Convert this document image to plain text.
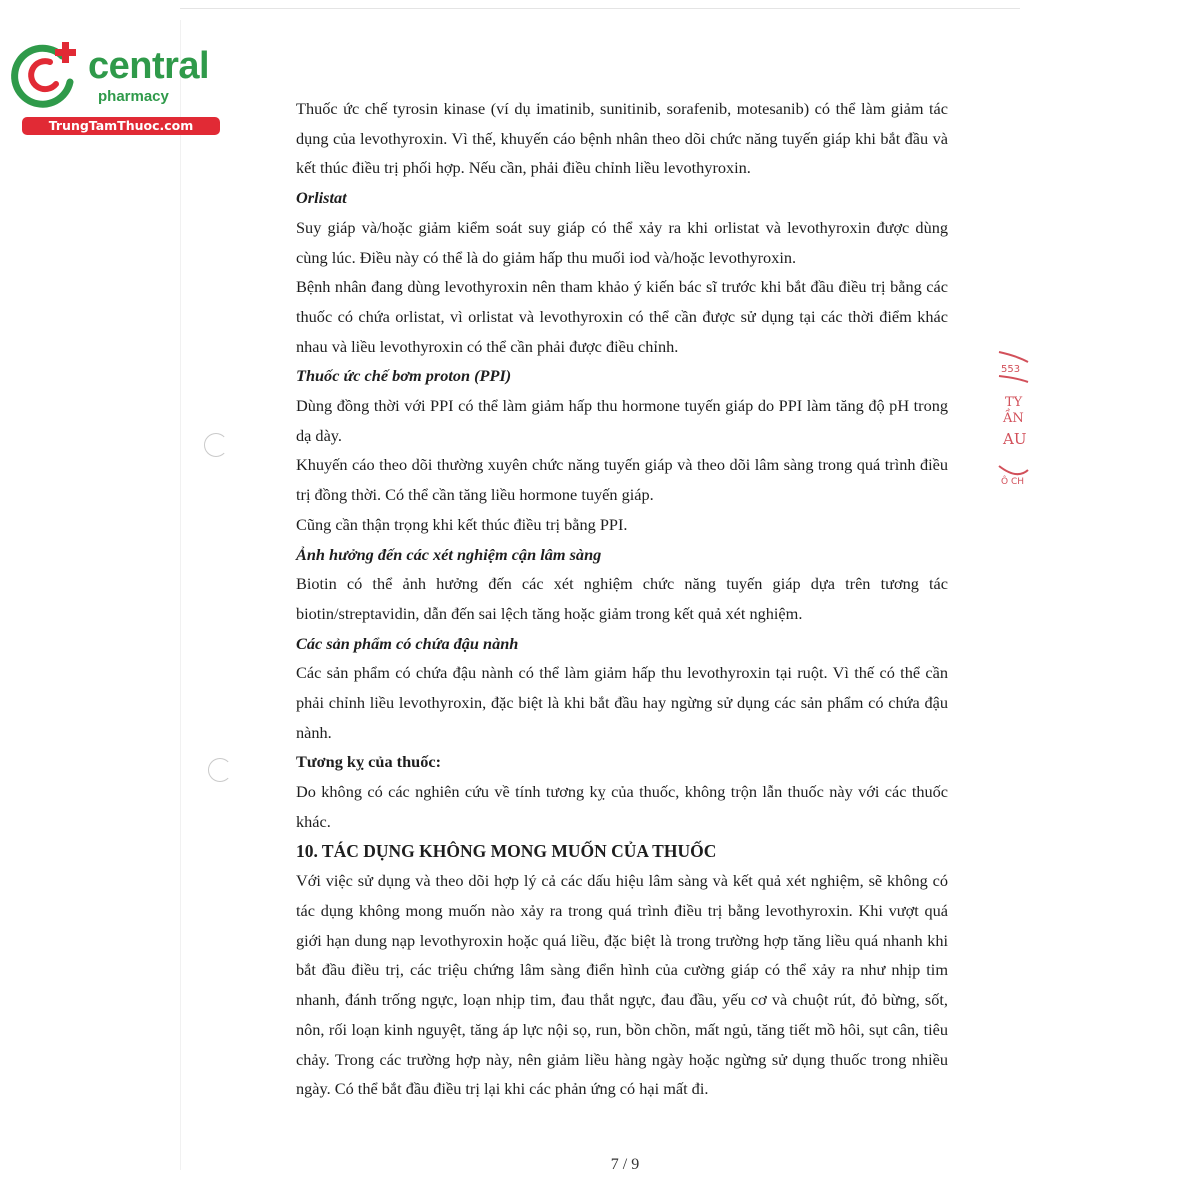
central
pharmacy
TrungTamThuoc.com

Thuốc ức chế tyrosin kinase (ví dụ imatinib, sunitinib, sorafenib, motesanib) có thể làm giảm tác dụng của levothyroxin. Vì thế, khuyến cáo bệnh nhân theo dõi chức năng tuyến giáp khi bắt đầu và kết thúc điều trị phối hợp. Nếu cần, phải điều chỉnh liều levothyroxin.

Orlistat

Suy giáp và/hoặc giảm kiểm soát suy giáp có thể xảy ra khi orlistat và levothyroxin được dùng cùng lúc. Điều này có thể là do giảm hấp thu muối iod và/hoặc levothyroxin.

Bệnh nhân đang dùng levothyroxin nên tham khảo ý kiến bác sĩ trước khi bắt đầu điều trị bằng các thuốc có chứa orlistat, vì orlistat và levothyroxin có thể cần được sử dụng tại các thời điểm khác nhau và liều levothyroxin có thể cần phải được điều chỉnh.

Thuốc ức chế bơm proton (PPI)

Dùng đồng thời với PPI có thể làm giảm hấp thu hormone tuyến giáp do PPI làm tăng độ pH trong dạ dày.

Khuyến cáo theo dõi thường xuyên chức năng tuyến giáp và theo dõi lâm sàng trong quá trình điều trị đồng thời. Có thể cần tăng liều hormone tuyến giáp.

Cũng cần thận trọng khi kết thúc điều trị bằng PPI.

Ảnh hưởng đến các xét nghiệm cận lâm sàng

Biotin có thể ảnh hưởng đến các xét nghiệm chức năng tuyến giáp dựa trên tương tác biotin/streptavidin, dẫn đến sai lệch tăng hoặc giảm trong kết quả xét nghiệm.

Các sản phẩm có chứa đậu nành

Các sản phẩm có chứa đậu nành có thể làm giảm hấp thu levothyroxin tại ruột. Vì thế có thể cần phải chỉnh liều levothyroxin, đặc biệt là khi bắt đầu hay ngừng sử dụng các sản phẩm có chứa đậu nành.

Tương kỵ của thuốc:

Do không có các nghiên cứu về tính tương kỵ của thuốc, không trộn lẫn thuốc này với các thuốc khác.

10. TÁC DỤNG KHÔNG MONG MUỐN CỦA THUỐC

Với việc sử dụng và theo dõi hợp lý cả các dấu hiệu lâm sàng và kết quả xét nghiệm, sẽ không có tác dụng không mong muốn nào xảy ra trong quá trình điều trị bằng levothyroxin. Khi vượt quá giới hạn dung nạp levothyroxin hoặc quá liều, đặc biệt là trong trường hợp tăng liều quá nhanh khi bắt đầu điều trị, các triệu chứng lâm sàng điển hình của cường giáp có thể xảy ra như nhịp tim nhanh, đánh trống ngực, loạn nhịp tim, đau thắt ngực, đau đầu, yếu cơ và chuột rút, đỏ bừng, sốt, nôn, rối loạn kinh nguyệt, tăng áp lực nội sọ, run, bồn chồn, mất ngủ, tăng tiết mồ hôi, sụt cân, tiêu chảy. Trong các trường hợp này, nên giảm liều hàng ngày hoặc ngừng sử dụng thuốc trong nhiều ngày. Có thể bắt đầu điều trị lại khi các phản ứng có hại mất đi.

553
TY
ẦN
AU
Ô CH
7 / 9
